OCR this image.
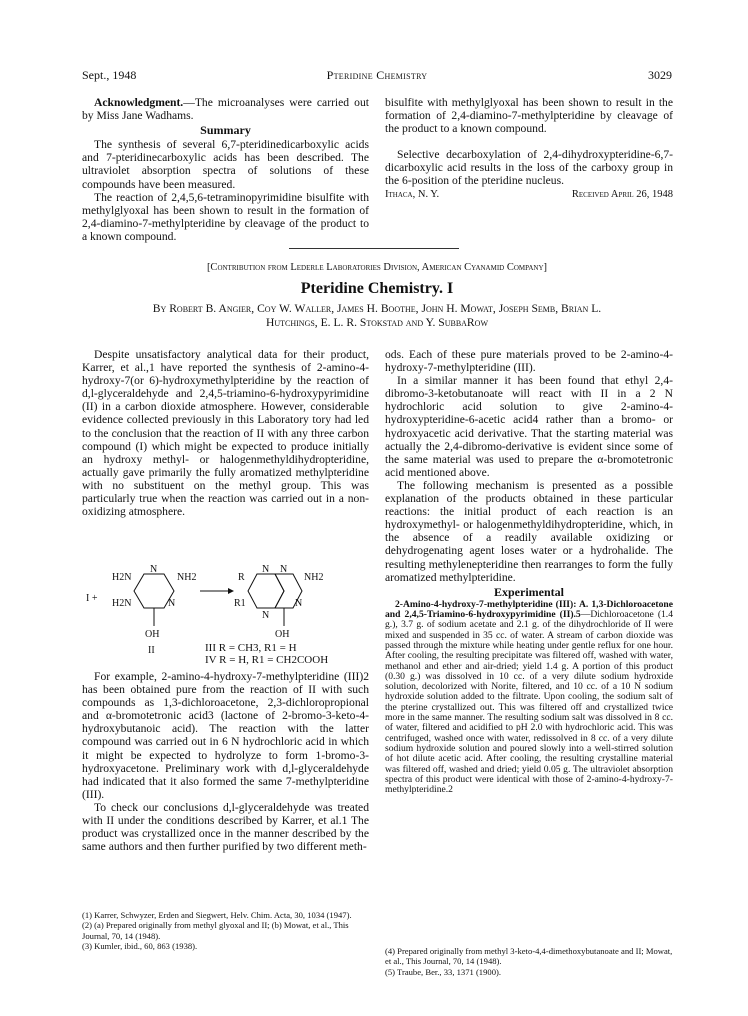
Sept., 1948	Pteridine Chemistry	3029

Acknowledgment.—The microanalyses were carried out by Miss Jane Wadhams.

Summary

The synthesis of several 6,7-pteridinedicarboxylic acids and 7-pteridinecarboxylic acids has been described. The ultraviolet absorption spectra of solutions of these compounds have been measured.

The reaction of 2,4,5,6-tetraminopyrimidine bisulfite with methylglyoxal has been shown to result in the formation of 2,4-diamino-7-methylpteridine by cleavage of the product to a known compound.

bisulfite with methylglyoxal has been shown to result in the formation of 2,4-diamino-7-methylpteridine by cleavage of the product to a known compound.

Selective decarboxylation of 2,4-dihydroxypteridine-6,7-dicarboxylic acid results in the loss of the carboxy group in the 6-position of the pteridine nucleus.

Ithaca, N. Y.	Received April 26, 1948
[Contribution from Lederle Laboratories Division, American Cyanamid Company]
Pteridine Chemistry. I
By Robert B. Angier, Coy W. Waller, James H. Boothe, John H. Mowat, Joseph Semb, Brian L.
Hutchings, E. L. R. Stokstad and Y. SubbaRow

Despite unsatisfactory analytical data for their product, Karrer, et al.,1 have reported the synthesis of 2-amino-4-hydroxy-7(or 6)-hydroxymethylpteridine by the reaction of d,l-glyceraldehyde and 2,4,5-triamino-6-hydroxypyrimidine (II) in a carbon dioxide atmosphere. However, considerable evidence collected previously in this Laboratory tory had led to the conclusion that the reaction of II with any three carbon compound (I) which might be expected to produce initially an hydroxy methyl- or halogenmethyldihydropteridine, actually gave primarily the fully aromatized methylpteridine with no substituent on the methyl group. This was particularly true when the reaction was carried out in a non-oxidizing atmosphere.

I +
H2N
H2N
NH2
N
N
OH
II
R
R1
N N
N
N
NH2
OH
III R = CH3, R1 = H
IV R = H, R1 = CH2COOH

For example, 2-amino-4-hydroxy-7-methylpteridine (III)2 has been obtained pure from the reaction of II with such compounds as 1,3-dichloroacetone, 2,3-dichloropropional and α-bromotetronic acid3 (lactone of 2-bromo-3-keto-4-hydroxybutanoic acid). The reaction with the latter compound was carried out in 6 N hydrochloric acid in which it might be expected to hydrolyze to form 1-bromo-3-hydroxyacetone. Preliminary work with d,l-glyceraldehyde had indicated that it also formed the same 7-methylpteridine (III).

To check our conclusions d,l-glyceraldehyde was treated with II under the conditions described by Karrer, et al.1 The product was crystallized once in the manner described by the same authors and then further purified by two different meth-

(1) Karrer, Schwyzer, Erden and Siegwert, Helv. Chim. Acta, 30, 1034 (1947).
(2) (a) Prepared originally from methyl glyoxal and II; (b) Mowat, et al., This Journal, 70, 14 (1948).
(3) Kumler, ibid., 60, 863 (1938).

ods. Each of these pure materials proved to be 2-amino-4-hydroxy-7-methylpteridine (III).

In a similar manner it has been found that ethyl 2,4-dibromo-3-ketobutanoate will react with II in a 2 N hydrochloric acid solution to give 2-amino-4-hydroxypteridine-6-acetic acid4 rather than a bromo- or hydroxyacetic acid derivative. That the starting material was actually the 2,4-dibromo-derivative is evident since some of the same material was used to prepare the α-bromotetronic acid mentioned above.

The following mechanism is presented as a possible explanation of the products obtained in these particular reactions: the initial product of each reaction is an hydroxymethyl- or halogenmethyldihydropteridine, which, in the absence of a readily available oxidizing or dehydrogenating agent loses water or a hydrohalide. The resulting methylenepteridine then rearranges to form the fully aromatized methylpteridine.

Experimental

2-Amino-4-hydroxy-7-methylpteridine (III): A. 1,3-Dichloroacetone and 2,4,5-Triamino-6-hydroxypyrimidine (II).5—Dichloroacetone (1.4 g.), 3.7 g. of sodium acetate and 2.1 g. of the dihydrochloride of II were mixed and suspended in 35 cc. of water. A stream of carbon dioxide was passed through the mixture while heating under gentle reflux for one hour. After cooling, the resulting precipitate was filtered off, washed with water, methanol and ether and air-dried; yield 1.4 g. A portion of this product (0.30 g.) was dissolved in 10 cc. of a very dilute sodium hydroxide solution, decolorized with Norite, filtered, and 10 cc. of a 10 N sodium hydroxide solution added to the filtrate. Upon cooling, the sodium salt of the pterine crystallized out. This was filtered off and crystallized twice more in the same manner. The resulting sodium salt was dissolved in 8 cc. of water, filtered and acidified to pH 2.0 with hydrochloric acid. This was centrifuged, washed once with water, redissolved in 8 cc. of a very dilute sodium hydroxide solution and poured slowly into a well-stirred solution of hot dilute acetic acid. After cooling, the resulting crystalline material was filtered off, washed and dried; yield 0.05 g. The ultraviolet absorption spectra of this product were identical with those of 2-amino-4-hydroxy-7-methylpteridine.2

(4) Prepared originally from methyl 3-keto-4,4-dimethoxybutanoate and II; Mowat, et al., This Journal, 70, 14 (1948).
(5) Traube, Ber., 33, 1371 (1900).
